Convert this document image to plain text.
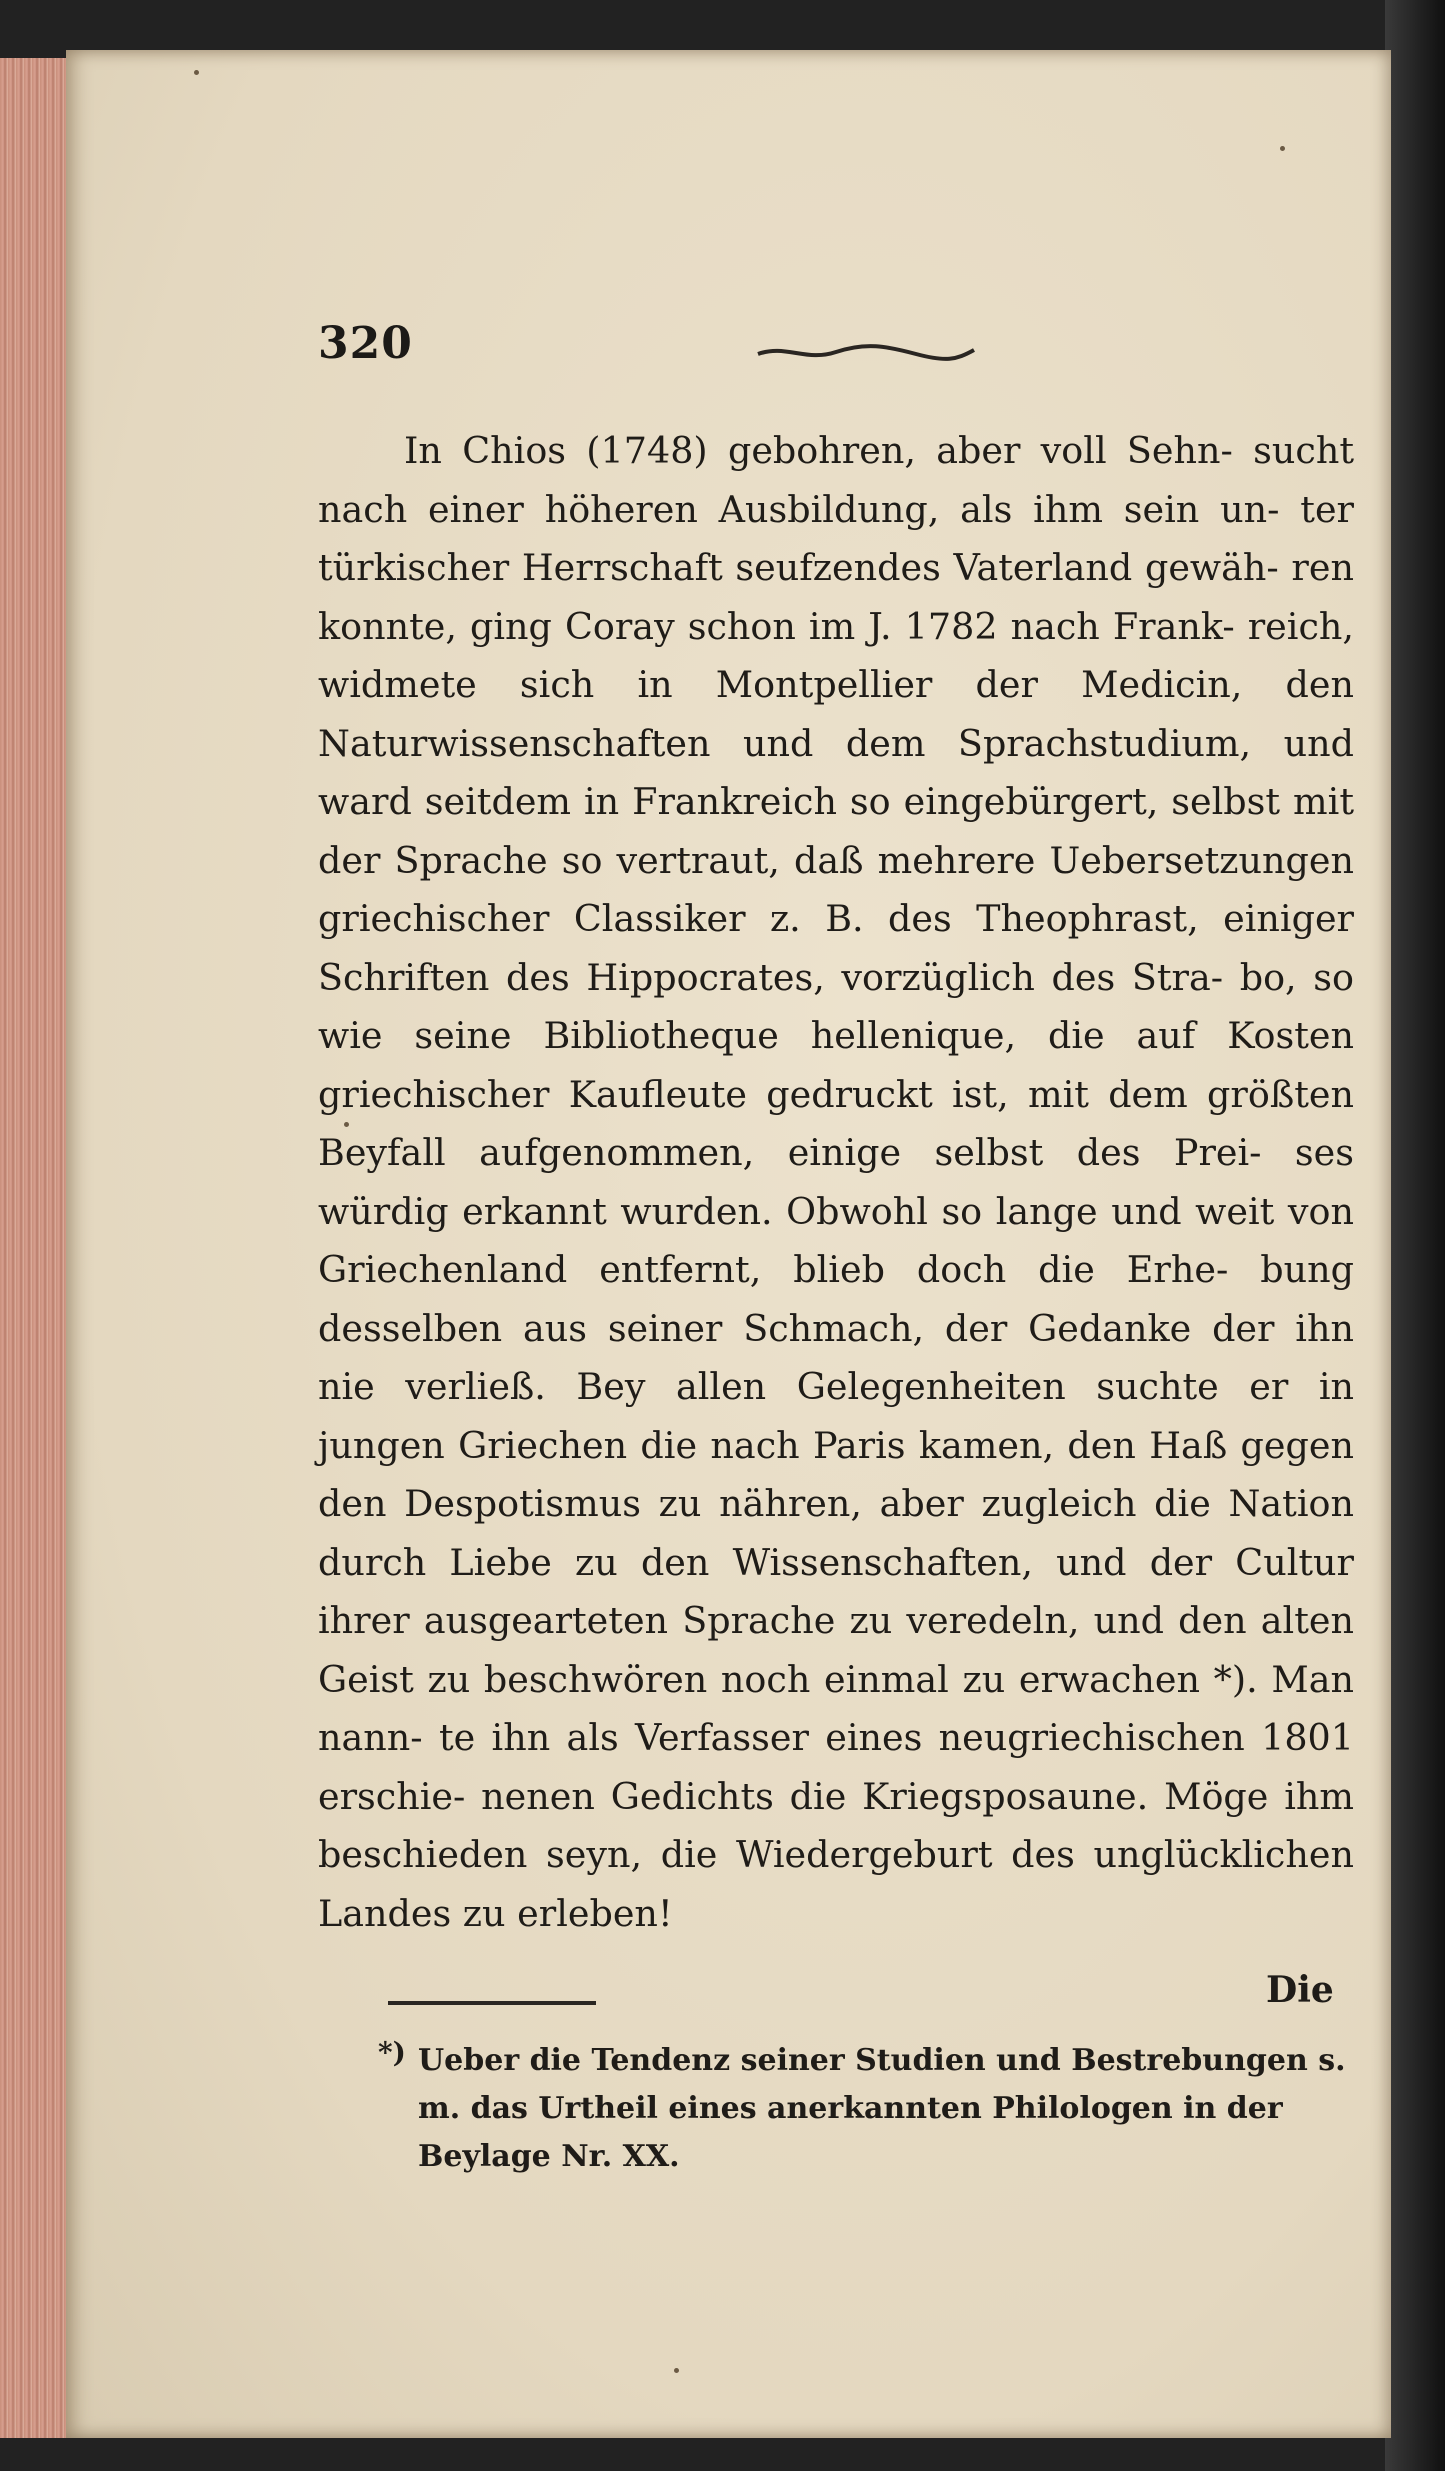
320

In Chios (1748) gebohren, aber voll Sehn- sucht nach einer höheren Ausbildung, als ihm sein un- ter türkischer Herrschaft seufzendes Vaterland gewäh- ren konnte, ging Coray schon im J. 1782 nach Frank- reich, widmete sich in Montpellier der Medicin, den Naturwissenschaften und dem Sprachstudium, und ward seitdem in Frankreich so eingebürgert, selbst mit der Sprache so vertraut, daß mehrere Uebersetzungen griechischer Classiker z. B. des Theophrast, einiger Schriften des Hippocrates, vorzüglich des Stra- bo, so wie seine Bibliotheque hellenique, die auf Kosten griechischer Kaufleute gedruckt ist, mit dem größten Beyfall aufgenommen, einige selbst des Prei- ses würdig erkannt wurden. Obwohl so lange und weit von Griechenland entfernt, blieb doch die Erhe- bung desselben aus seiner Schmach, der Gedanke der ihn nie verließ. Bey allen Gelegenheiten suchte er in jungen Griechen die nach Paris kamen, den Haß gegen den Despotismus zu nähren, aber zugleich die Nation durch Liebe zu den Wissenschaften, und der Cultur ihrer ausgearteten Sprache zu veredeln, und den alten Geist zu beschwören noch einmal zu erwachen *). Man nann- te ihn als Verfasser eines neugriechischen 1801 erschie- nenen Gedichts die Kriegsposaune. Möge ihm beschieden seyn, die Wiedergeburt des unglücklichen Landes zu erleben!

Die

*) Ueber die Tendenz seiner Studien und Bestrebungen s. m. das Urtheil eines anerkannten Philologen in der Beylage Nr. XX.
